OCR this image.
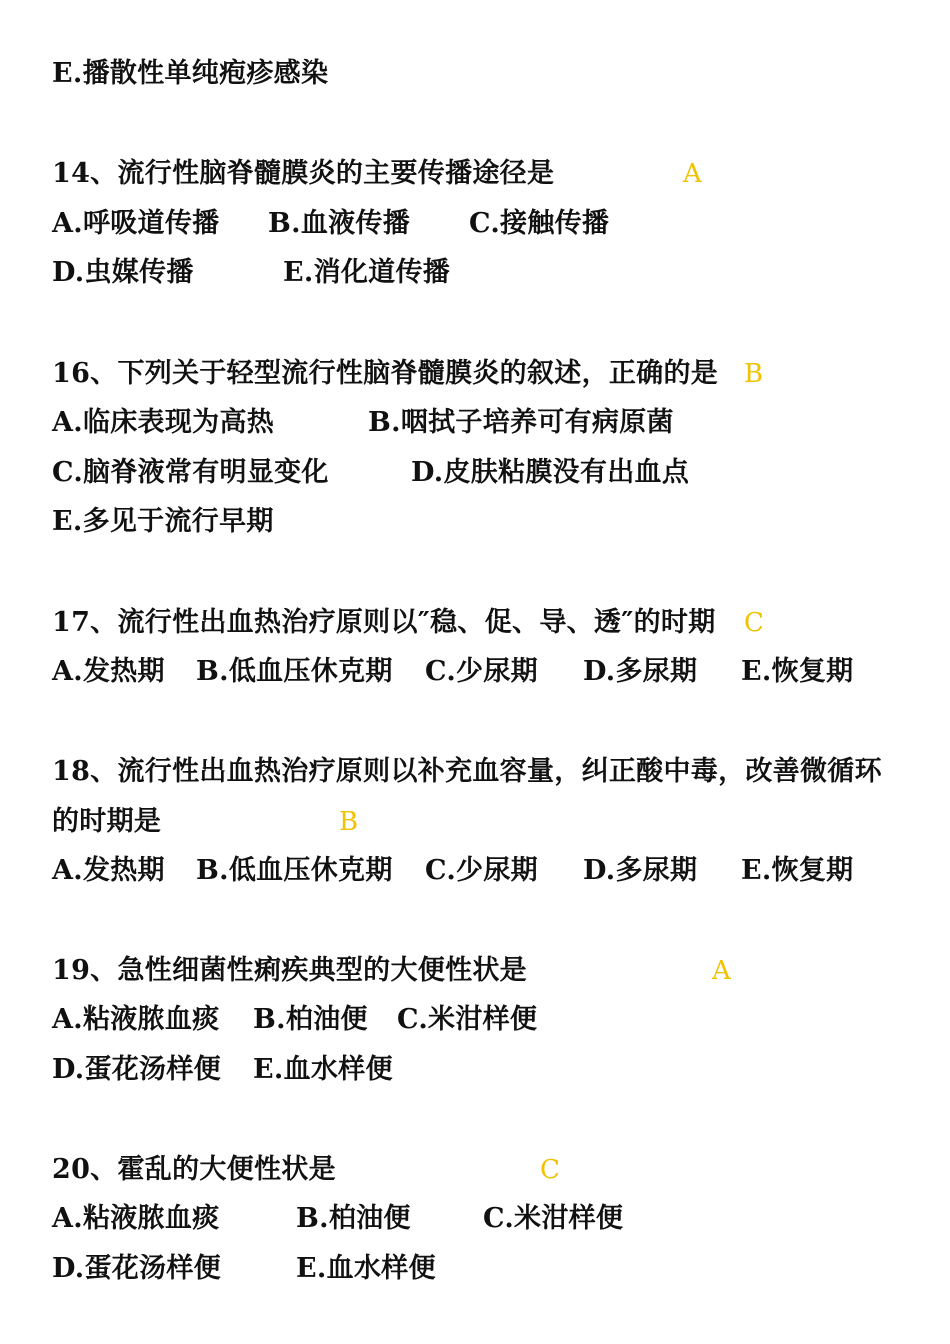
E.播散性单纯疱疹感染
14、流行性脑脊髓膜炎的主要传播途径是	A
A.呼吸道传播 B.血液传播 C.接触传播
D.虫媒传播	E.消化道传播
16、下列关于轻型流行性脑脊髓膜炎的叙述，正确的是 B
A.临床表现为高热	B.咽拭子培养可有病原菌
C.脑脊液常有明显变化	D.皮肤粘膜没有出血点
E.多见于流行早期
17、流行性出血热治疗原则以″稳、促、导、透″的时期 C
A.发热期 B.低血压休克期 C.少尿期 D.多尿期 E.恢复期
18、流行性出血热治疗原则以补充血容量，纠正酸中毒，改善微循环
的时期是	B
A.发热期 B.低血压休克期 C.少尿期 D.多尿期 E.恢复期
19、急性细菌性痢疾典型的大便性状是	A
A.粘液脓血痰 B.柏油便 C.米泔样便
D.蛋花汤样便 E.血水样便
20、霍乱的大便性状是	C
A.粘液脓血痰	B.柏油便	C.米泔样便
D.蛋花汤样便	E.血水样便
